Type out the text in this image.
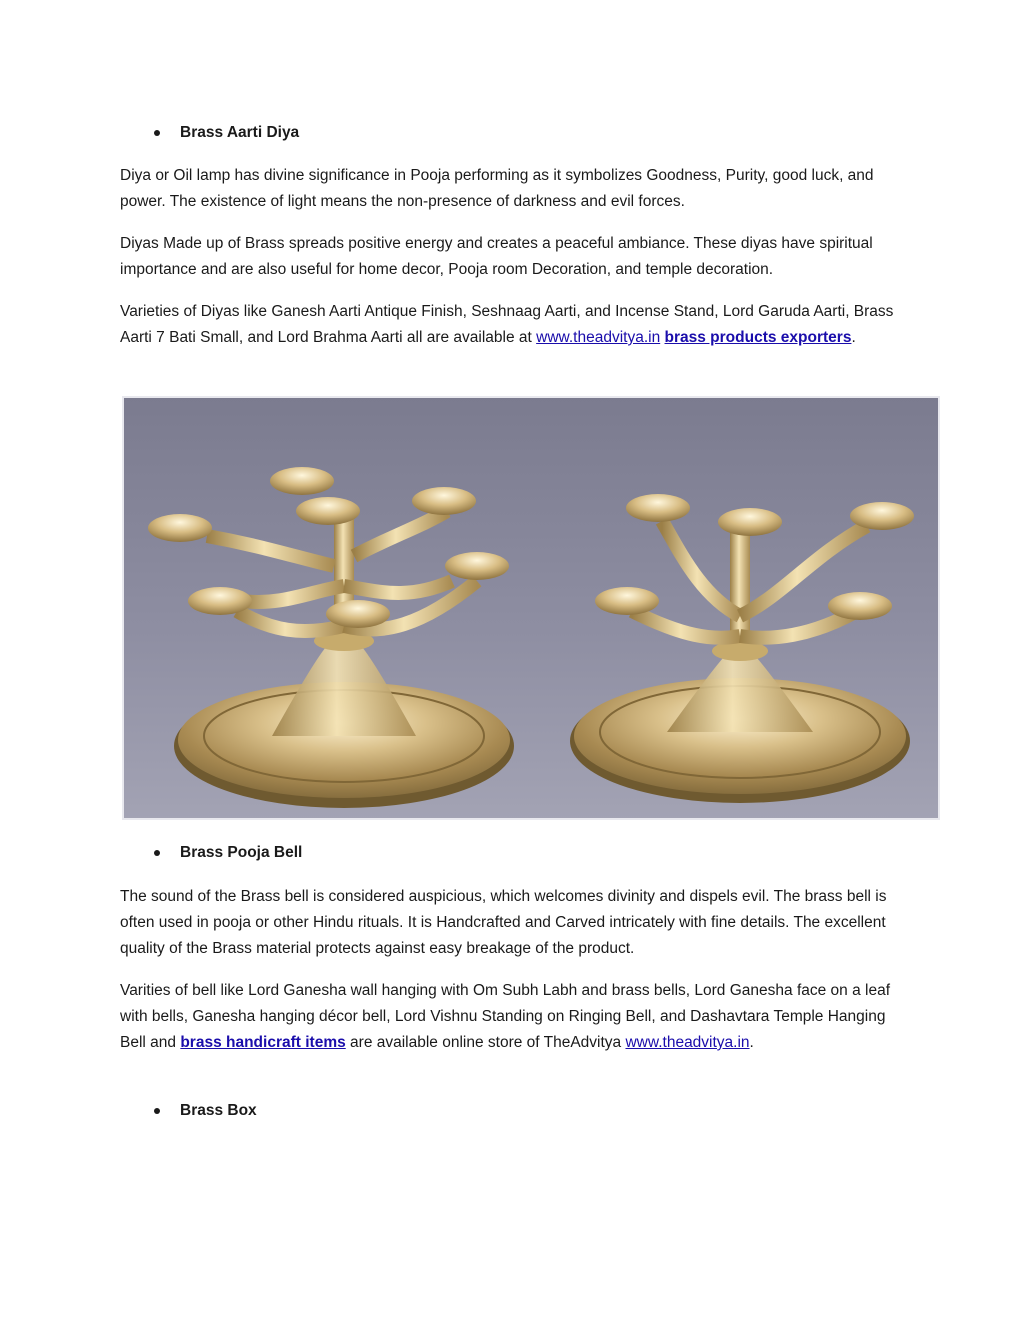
Brass Aarti Diya

Diya or Oil lamp has divine significance in Pooja performing as it symbolizes Goodness, Purity, good luck, and power. The existence of light means the non-presence of darkness and evil forces.

Diyas Made up of Brass spreads positive energy and creates a peaceful ambiance. These diyas have spiritual importance and are also useful for home decor, Pooja room Decoration, and temple decoration.

Varieties of Diyas like Ganesh Aarti Antique Finish, Seshnaag Aarti, and Incense Stand, Lord Garuda Aarti, Brass Aarti 7 Bati Small, and Lord Brahma Aarti all are available at www.theadvitya.in brass products exporters.

Brass Pooja Bell

The sound of the Brass bell is considered auspicious, which welcomes divinity and dispels evil. The brass bell is often used in pooja or other Hindu rituals. It is Handcrafted and Carved intricately with fine details. The excellent quality of the Brass material protects against easy breakage of the product.

Varities of bell like Lord Ganesha wall hanging with Om Subh Labh and brass bells, Lord Ganesha face on a leaf with bells, Ganesha hanging décor bell, Lord Vishnu Standing on Ringing Bell, and Dashavtara Temple Hanging Bell and brass handicraft items are available online store of TheAdvitya www.theadvitya.in.

Brass Box
